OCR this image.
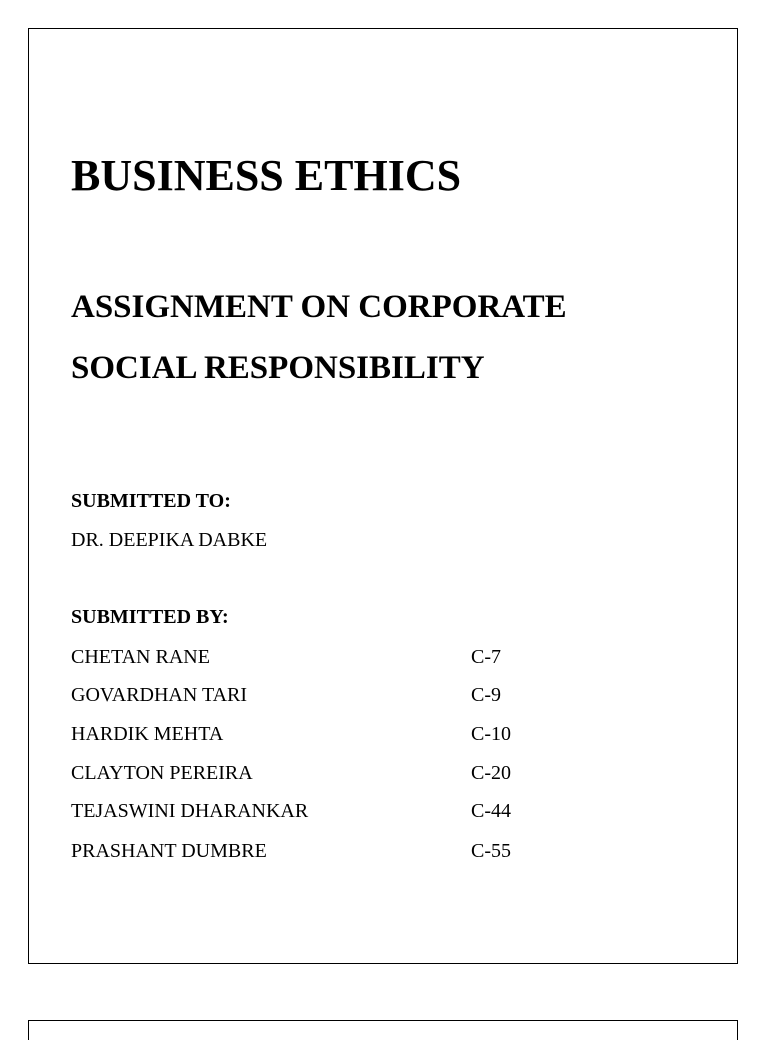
BUSINESS ETHICS
ASSIGNMENT ON CORPORATE
SOCIAL RESPONSIBILITY
SUBMITTED TO:
DR. DEEPIKA DABKE
SUBMITTED BY:
CHETAN RANE	C-7
GOVARDHAN TARI	C-9
HARDIK MEHTA	C-10
CLAYTON PEREIRA	C-20
TEJASWINI DHARANKAR	C-44
PRASHANT DUMBRE	C-55
